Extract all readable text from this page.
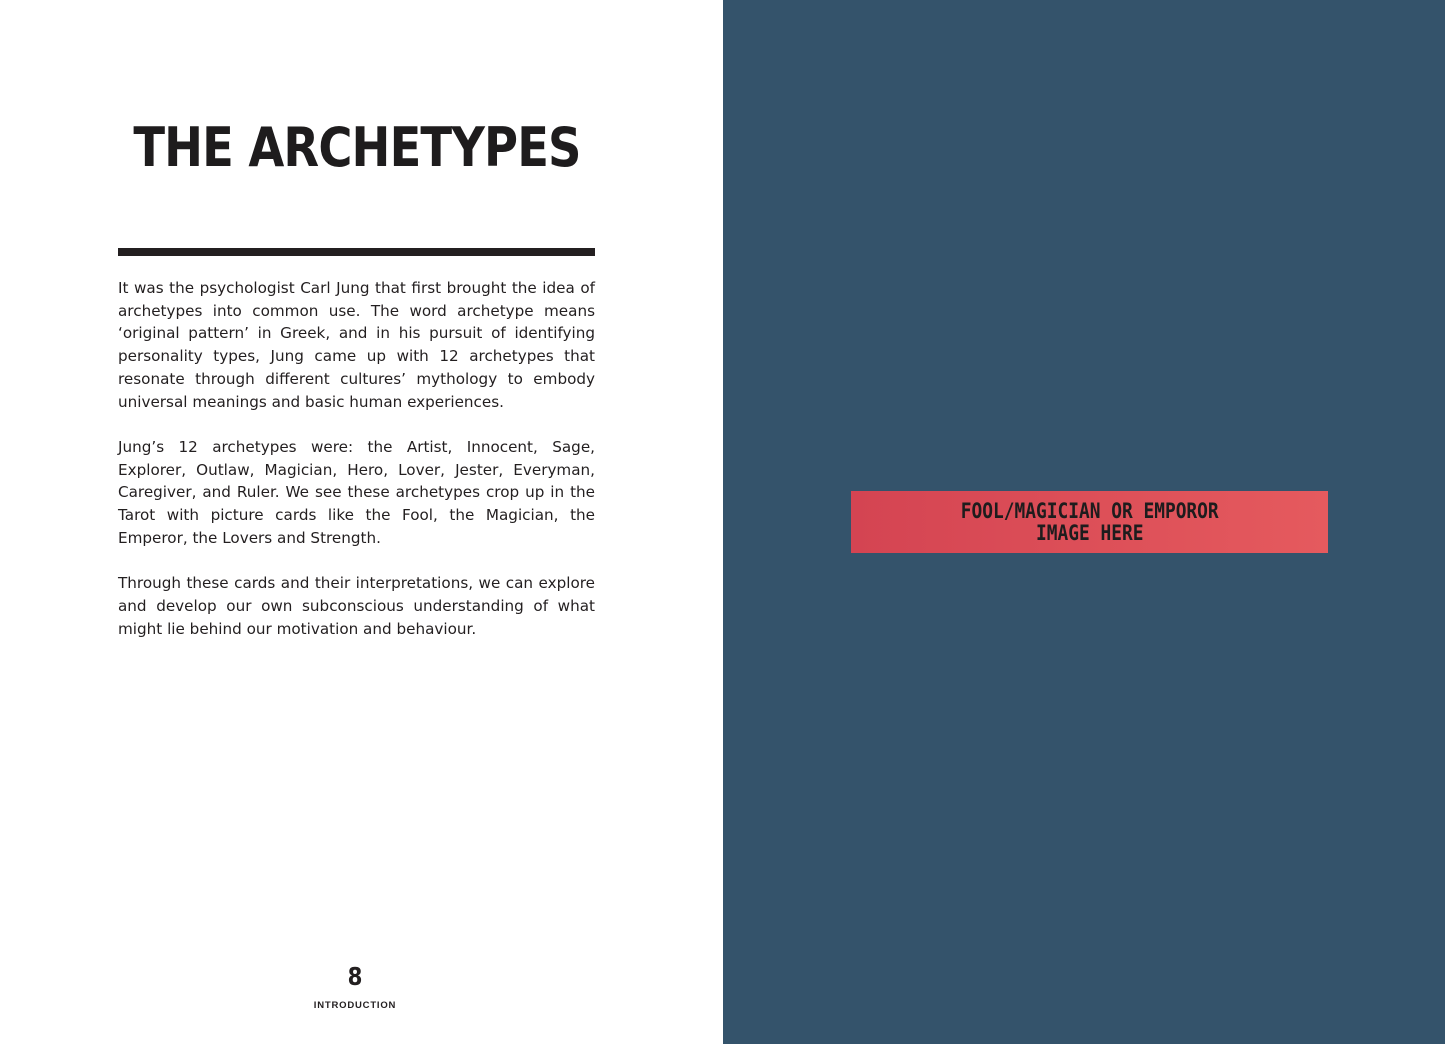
THE ARCHETYPES

It was the psychologist Carl Jung that first brought the idea of archetypes into common use. The word archetype means ‘original pattern’ in Greek, and in his pursuit of identifying personality types, Jung came up with 12 archetypes that resonate through different cultures’ mythology to embody universal meanings and basic human experiences.

Jung’s 12 archetypes were: the Artist, Innocent, Sage, Explorer, Outlaw, Magician, Hero, Lover, Jester, Everyman, Caregiver, and Ruler. We see these archetypes crop up in the Tarot with picture cards like the Fool, the Magician, the Emperor, the Lovers and Strength.

Through these cards and their interpretations, we can explore and develop our own subconscious understanding of what might lie behind our motivation and behaviour.

8
INTRODUCTION
FOOL/MAGICIAN OR EMPOROR
IMAGE HERE
